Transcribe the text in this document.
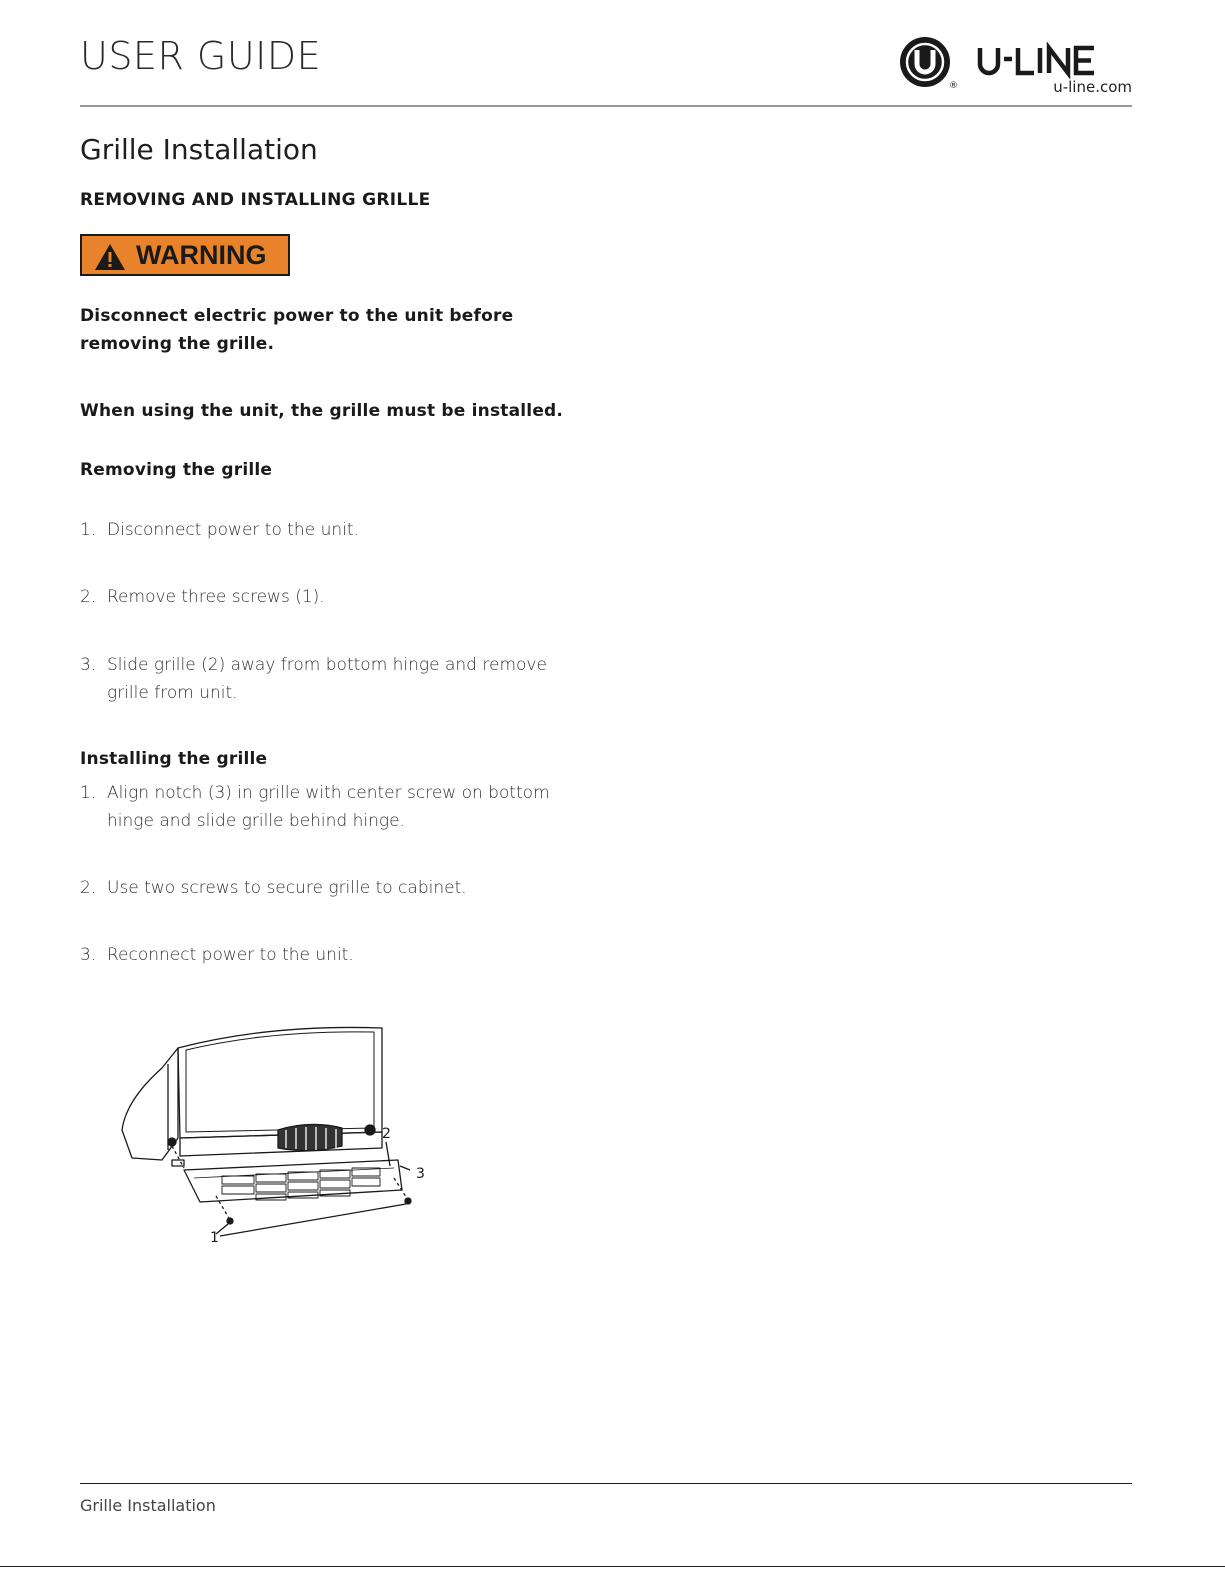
USER GUIDE
®	u-line.com
Grille Installation
REMOVING AND INSTALLING GRILLE
WARNING
Disconnect electric power to the unit before removing the grille.
When using the unit, the grille must be installed.
Removing the grille
1. Disconnect power to the unit.
2. Remove three screws (1).
3. Slide grille (2) away from bottom hinge and remove grille from unit.
Installing the grille
1. Align notch (3) in grille with center screw on bottom hinge and slide grille behind hinge.
2. Use two screws to secure grille to cabinet.
3. Reconnect power to the unit.
1
2
3
Grille Installation
